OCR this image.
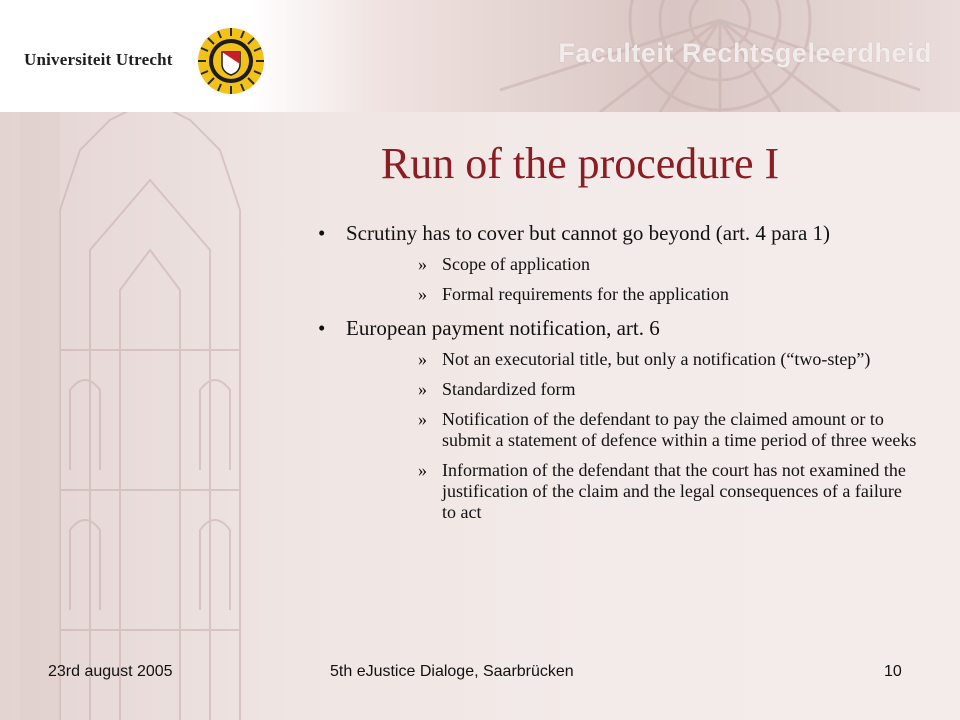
Universiteit Utrecht	Faculteit Rechtsgeleerdheid
Run of the procedure I
• Scrutiny has to cover but cannot go beyond (art. 4 para 1)
» Scope of application
» Formal requirements for the application
• European payment notification, art. 6
» Not an executorial title, but only a notification (“two-step”)
» Standardized form
» Notification of the defendant to pay the claimed amount or to submit a statement of defence within a time period of three weeks
» Information of the defendant that the court has not examined the justification of the claim and the legal consequences of a failure to act
23rd august 2005	5th eJustice Dialoge, Saarbrücken	10
